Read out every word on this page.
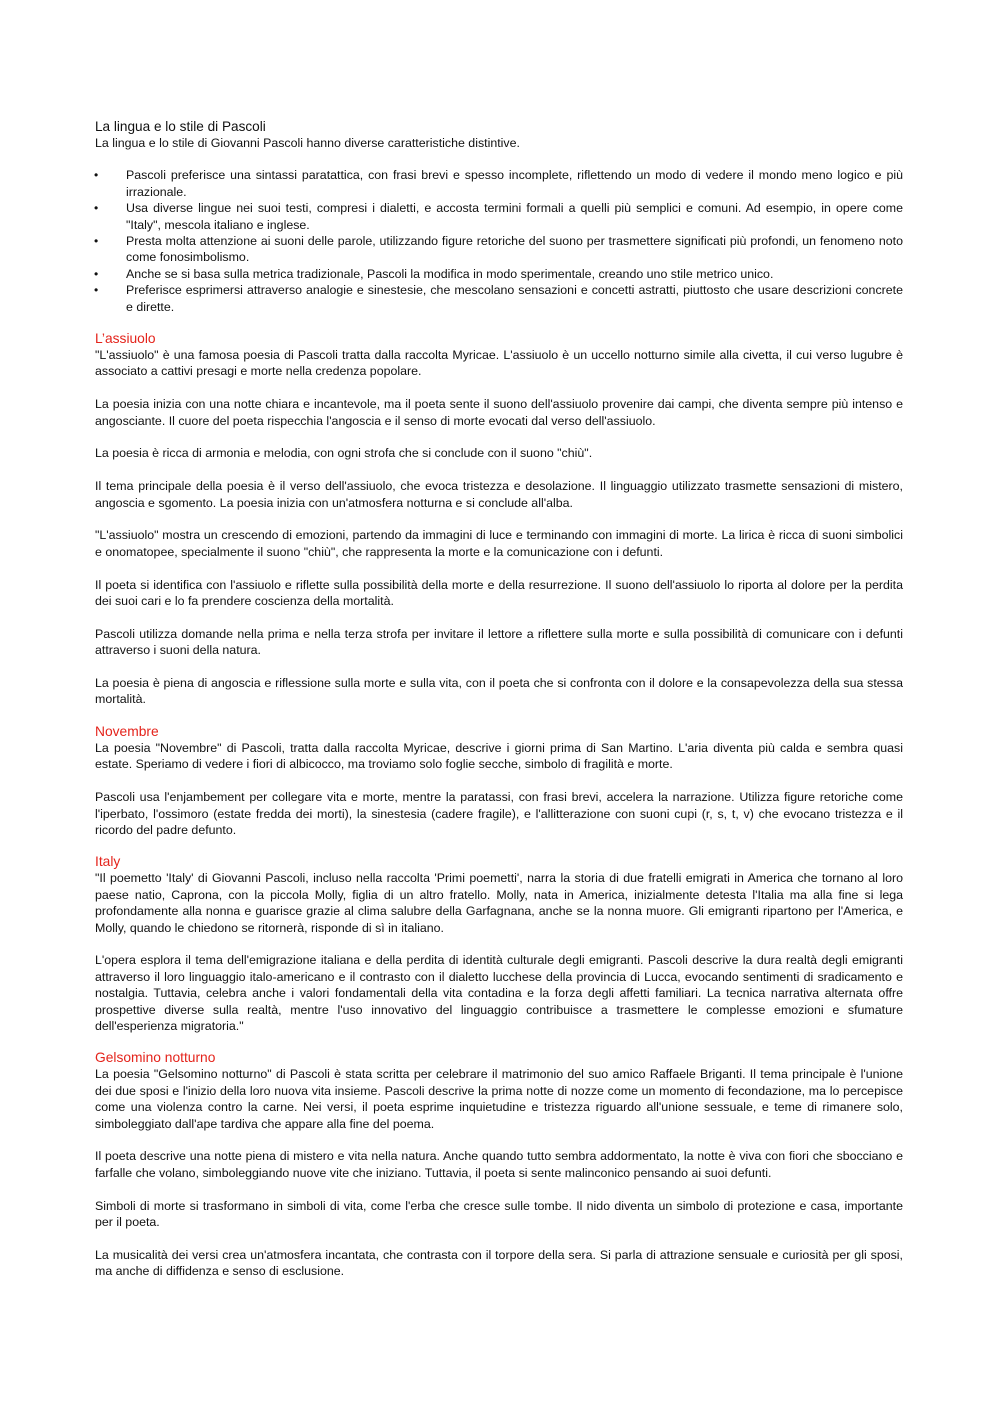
La lingua e lo stile di Pascoli

La lingua e lo stile di Giovanni Pascoli hanno diverse caratteristiche distintive.

• Pascoli preferisce una sintassi paratattica, con frasi brevi e spesso incomplete, riflettendo un modo di vedere il mondo meno logico e più irrazionale.
• Usa diverse lingue nei suoi testi, compresi i dialetti, e accosta termini formali a quelli più semplici e comuni. Ad esempio, in opere come "Italy", mescola italiano e inglese.
• Presta molta attenzione ai suoni delle parole, utilizzando figure retoriche del suono per trasmettere significati più profondi, un fenomeno noto come fonosimbolismo.
• Anche se si basa sulla metrica tradizionale, Pascoli la modifica in modo sperimentale, creando uno stile metrico unico.
• Preferisce esprimersi attraverso analogie e sinestesie, che mescolano sensazioni e concetti astratti, piuttosto che usare descrizioni concrete e dirette.
L’assiuolo

"L'assiuolo" è una famosa poesia di Pascoli tratta dalla raccolta Myricae. L'assiuolo è un uccello notturno simile alla civetta, il cui verso lugubre è associato a cattivi presagi e morte nella credenza popolare.

La poesia inizia con una notte chiara e incantevole, ma il poeta sente il suono dell'assiuolo provenire dai campi, che diventa sempre più intenso e angosciante. Il cuore del poeta rispecchia l'angoscia e il senso di morte evocati dal verso dell'assiuolo.

La poesia è ricca di armonia e melodia, con ogni strofa che si conclude con il suono "chiù".

Il tema principale della poesia è il verso dell'assiuolo, che evoca tristezza e desolazione. Il linguaggio utilizzato trasmette sensazioni di mistero, angoscia e sgomento. La poesia inizia con un'atmosfera notturna e si conclude all'alba.

"L'assiuolo" mostra un crescendo di emozioni, partendo da immagini di luce e terminando con immagini di morte. La lirica è ricca di suoni simbolici e onomatopee, specialmente il suono "chiù", che rappresenta la morte e la comunicazione con i defunti.

Il poeta si identifica con l'assiuolo e riflette sulla possibilità della morte e della resurrezione. Il suono dell'assiuolo lo riporta al dolore per la perdita dei suoi cari e lo fa prendere coscienza della mortalità.

Pascoli utilizza domande nella prima e nella terza strofa per invitare il lettore a riflettere sulla morte e sulla possibilità di comunicare con i defunti attraverso i suoni della natura.

La poesia è piena di angoscia e riflessione sulla morte e sulla vita, con il poeta che si confronta con il dolore e la consapevolezza della sua stessa mortalità.

Novembre

La poesia "Novembre" di Pascoli, tratta dalla raccolta Myricae, descrive i giorni prima di San Martino. L'aria diventa più calda e sembra quasi estate. Speriamo di vedere i fiori di albicocco, ma troviamo solo foglie secche, simbolo di fragilità e morte.

Pascoli usa l'enjambement per collegare vita e morte, mentre la paratassi, con frasi brevi, accelera la narrazione. Utilizza figure retoriche come l'iperbato, l'ossimoro (estate fredda dei morti), la sinestesia (cadere fragile), e l'allitterazione con suoni cupi (r, s, t, v) che evocano tristezza e il ricordo del padre defunto.

Italy

"Il poemetto 'Italy' di Giovanni Pascoli, incluso nella raccolta 'Primi poemetti', narra la storia di due fratelli emigrati in America che tornano al loro paese natio, Caprona, con la piccola Molly, figlia di un altro fratello. Molly, nata in America, inizialmente detesta l'Italia ma alla fine si lega profondamente alla nonna e guarisce grazie al clima salubre della Garfagnana, anche se la nonna muore. Gli emigranti ripartono per l'America, e Molly, quando le chiedono se ritornerà, risponde di sì in italiano.

L'opera esplora il tema dell'emigrazione italiana e della perdita di identità culturale degli emigranti. Pascoli descrive la dura realtà degli emigranti attraverso il loro linguaggio italo-americano e il contrasto con il dialetto lucchese della provincia di Lucca, evocando sentimenti di sradicamento e nostalgia. Tuttavia, celebra anche i valori fondamentali della vita contadina e la forza degli affetti familiari. La tecnica narrativa alternata offre prospettive diverse sulla realtà, mentre l'uso innovativo del linguaggio contribuisce a trasmettere le complesse emozioni e sfumature dell'esperienza migratoria."

Gelsomino notturno

La poesia "Gelsomino notturno" di Pascoli è stata scritta per celebrare il matrimonio del suo amico Raffaele Briganti. Il tema principale è l'unione dei due sposi e l'inizio della loro nuova vita insieme. Pascoli descrive la prima notte di nozze come un momento di fecondazione, ma lo percepisce come una violenza contro la carne. Nei versi, il poeta esprime inquietudine e tristezza riguardo all'unione sessuale, e teme di rimanere solo, simboleggiato dall'ape tardiva che appare alla fine del poema.

Il poeta descrive una notte piena di mistero e vita nella natura. Anche quando tutto sembra addormentato, la notte è viva con fiori che sbocciano e farfalle che volano, simboleggiando nuove vite che iniziano. Tuttavia, il poeta si sente malinconico pensando ai suoi defunti.

Simboli di morte si trasformano in simboli di vita, come l'erba che cresce sulle tombe. Il nido diventa un simbolo di protezione e casa, importante per il poeta.

La musicalità dei versi crea un'atmosfera incantata, che contrasta con il torpore della sera. Si parla di attrazione sensuale e curiosità per gli sposi, ma anche di diffidenza e senso di esclusione.
